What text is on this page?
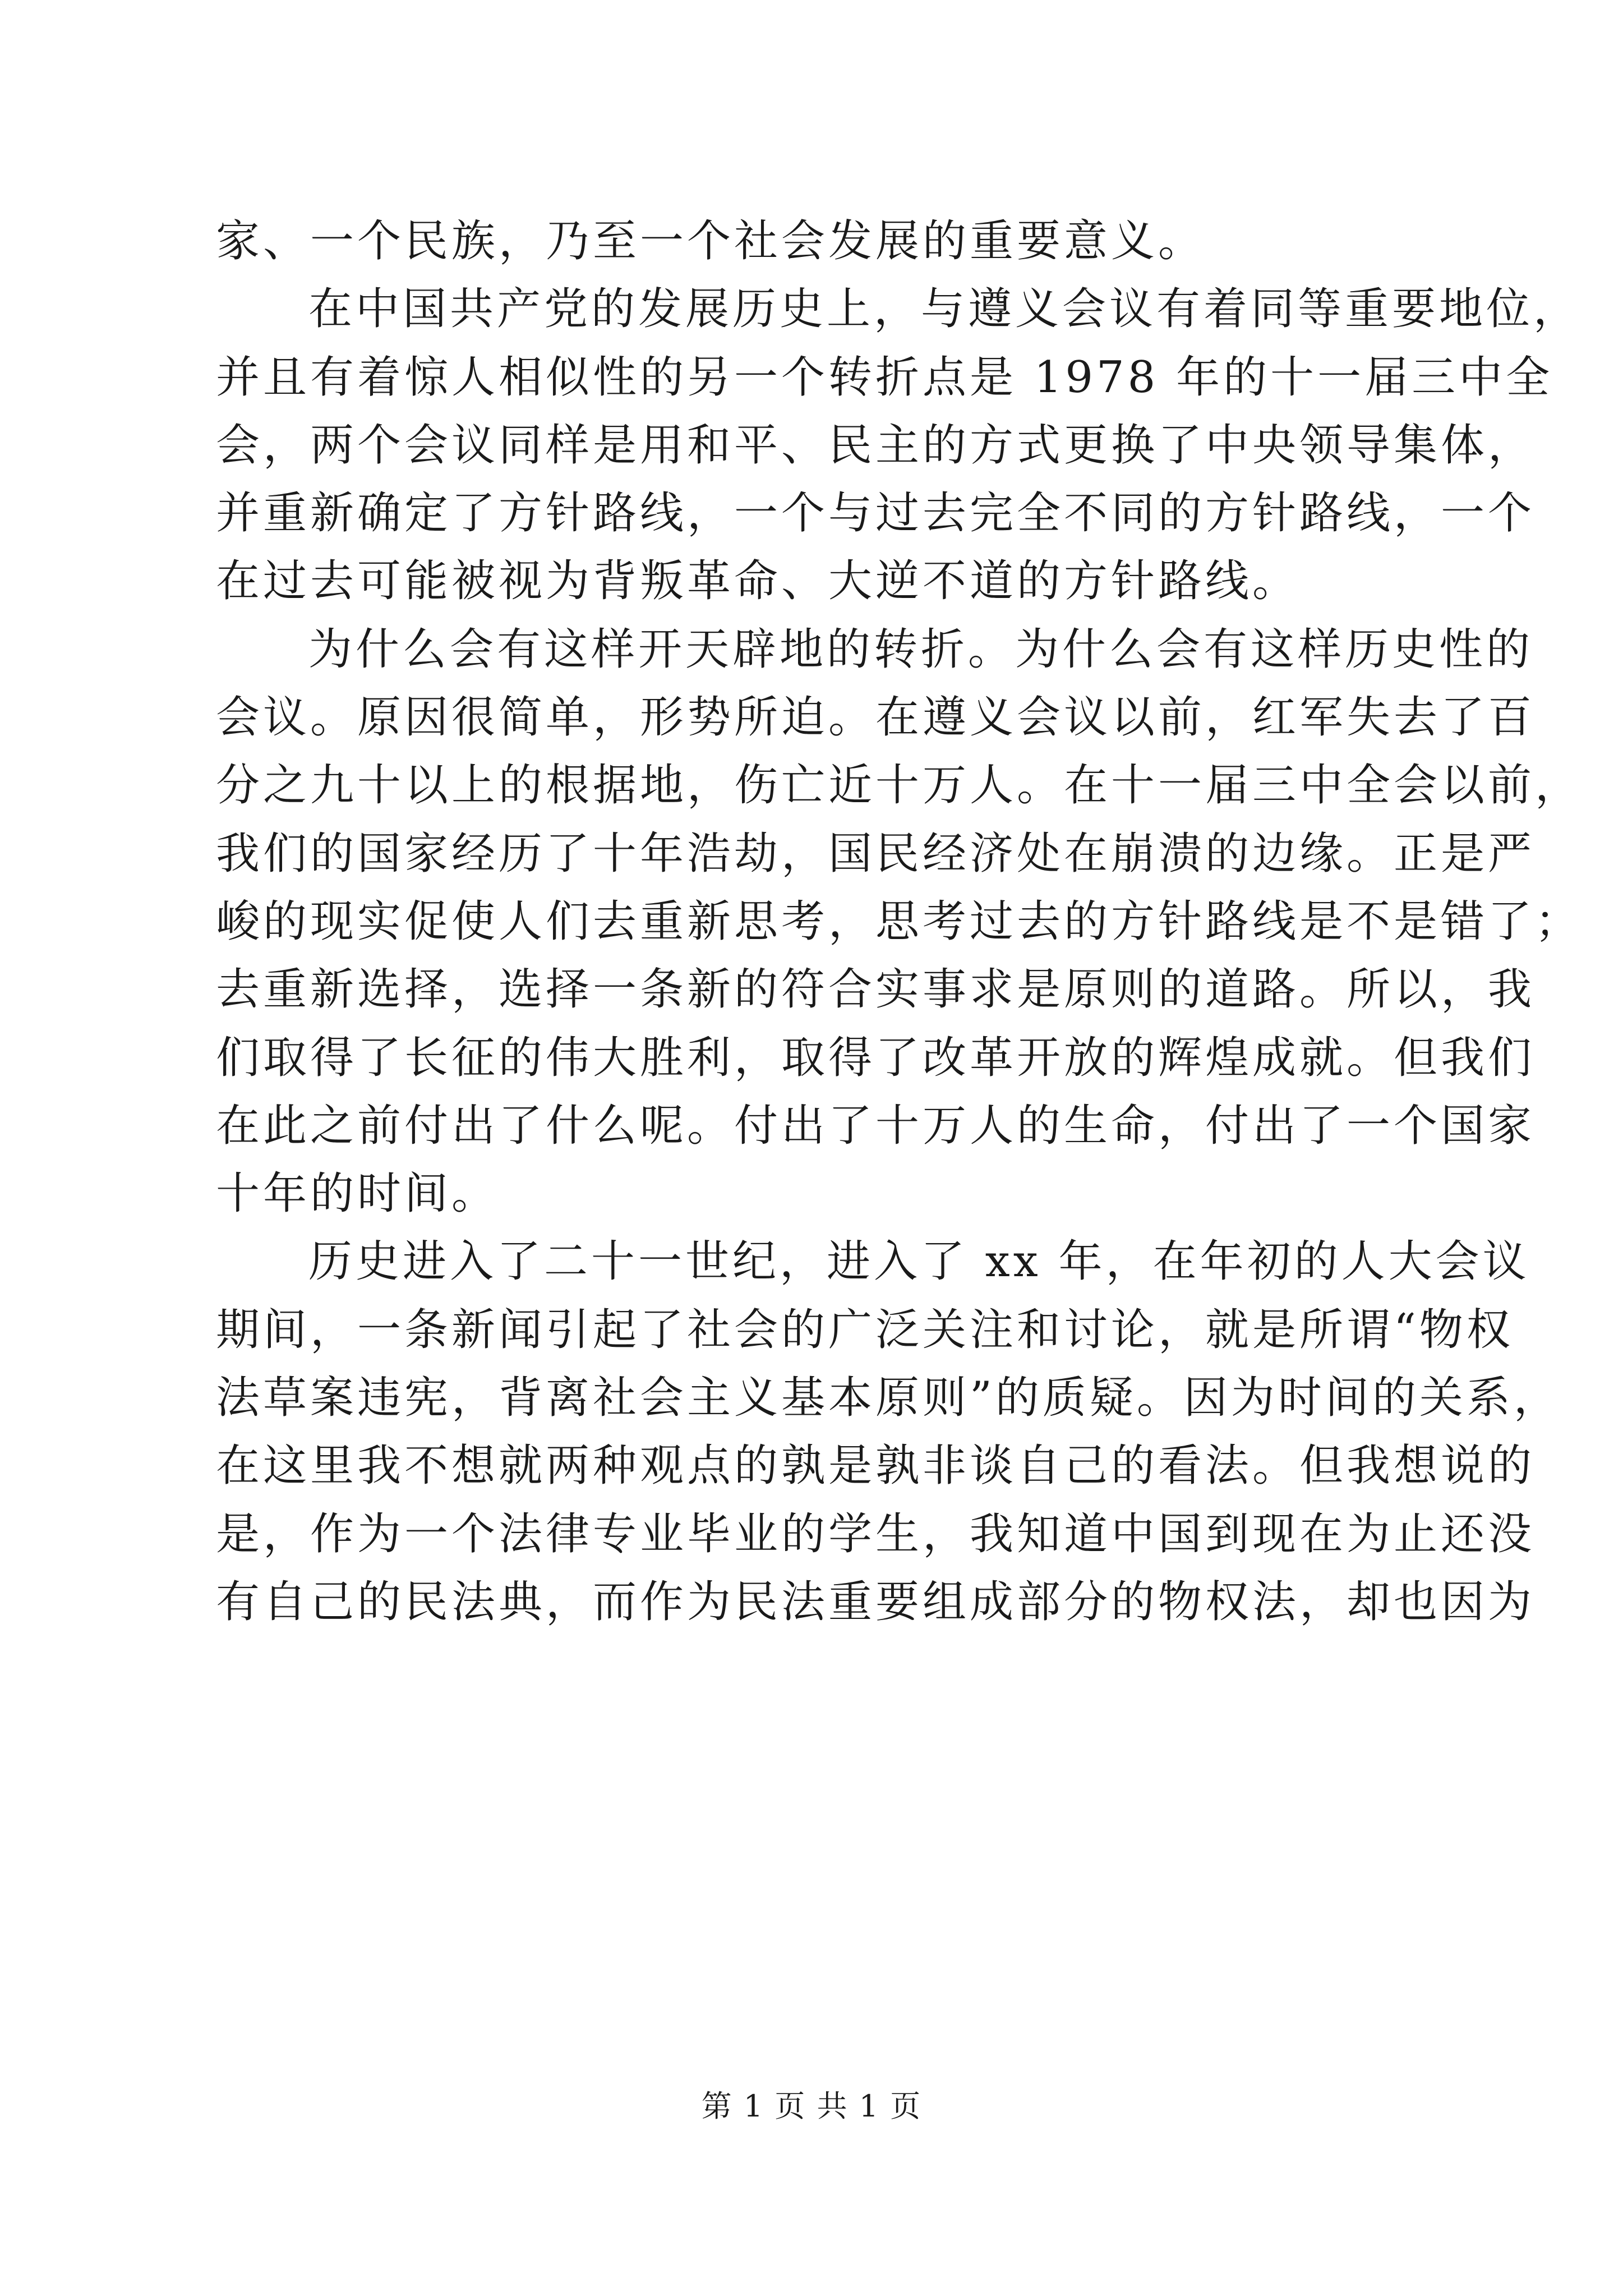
家、一个民族，乃至一个社会发展的重要意义。
在中国共产党的发展历史上，与遵义会议有着同等重要地位，
并且有着惊人相似性的另一个转折点是 1978 年的十一届三中全
会，两个会议同样是用和平、民主的方式更换了中央领导集体，
并重新确定了方针路线，一个与过去完全不同的方针路线，一个
在过去可能被视为背叛革命、大逆不道的方针路线。
为什么会有这样开天辟地的转折。为什么会有这样历史性的
会议。原因很简单，形势所迫。在遵义会议以前，红军失去了百
分之九十以上的根据地，伤亡近十万人。在十一届三中全会以前，
我们的国家经历了十年浩劫，国民经济处在崩溃的边缘。正是严
峻的现实促使人们去重新思考，思考过去的方针路线是不是错了；
去重新选择，选择一条新的符合实事求是原则的道路。所以，我
们取得了长征的伟大胜利，取得了改革开放的辉煌成就。但我们
在此之前付出了什么呢。付出了十万人的生命，付出了一个国家
十年的时间。
历史进入了二十一世纪，进入了 xx 年，在年初的人大会议
期间，一条新闻引起了社会的广泛关注和讨论，就是所谓“物权
法草案违宪，背离社会主义基本原则”的质疑。因为时间的关系，
在这里我不想就两种观点的孰是孰非谈自己的看法。但我想说的
是，作为一个法律专业毕业的学生，我知道中国到现在为止还没
有自己的民法典，而作为民法重要组成部分的物权法，却也因为
第 1 页 共 1 页
